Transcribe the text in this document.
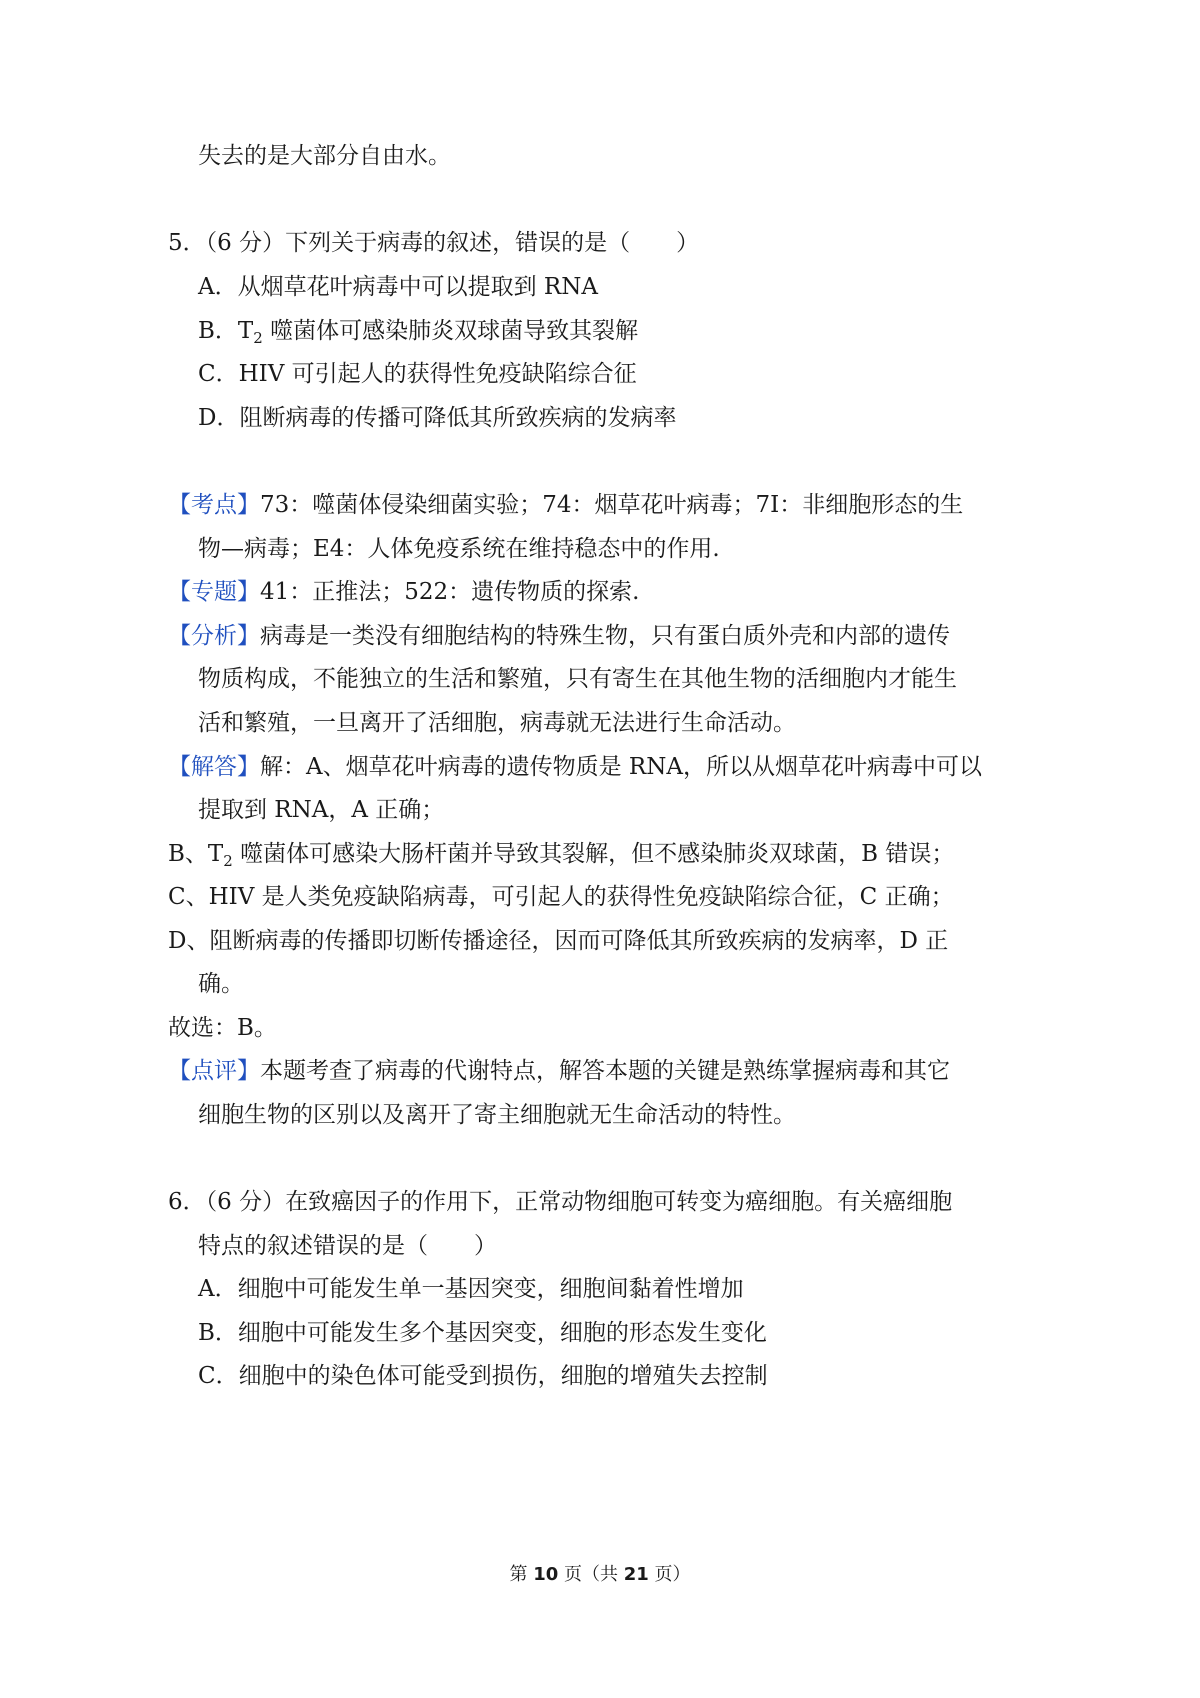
失去的是大部分自由水。
5．（6 分）下列关于病毒的叙述，错误的是（　　）
A．从烟草花叶病毒中可以提取到 RNA
B．$T_2$ 噬菌体可感染肺炎双球菌导致其裂解
C．HIV 可引起人的获得性免疫缺陷综合征
D．阻断病毒的传播可降低其所致疾病的发病率
【考点】73：噬菌体侵染细菌实验；74：烟草花叶病毒；7I：非细胞形态的生
物—病毒；E4：人体免疫系统在维持稳态中的作用.
【专题】41：正推法；522：遗传物质的探索.
【分析】病毒是一类没有细胞结构的特殊生物，只有蛋白质外壳和内部的遗传
物质构成，不能独立的生活和繁殖，只有寄生在其他生物的活细胞内才能生
活和繁殖，一旦离开了活细胞，病毒就无法进行生命活动。
【解答】解：A、烟草花叶病毒的遗传物质是 RNA，所以从烟草花叶病毒中可以
提取到 RNA，A 正确；
B、$T_2$ 噬菌体可感染大肠杆菌并导致其裂解，但不感染肺炎双球菌，B 错误；
C、HIV 是人类免疫缺陷病毒，可引起人的获得性免疫缺陷综合征，C 正确；
D、阻断病毒的传播即切断传播途径，因而可降低其所致疾病的发病率，D 正
确。
故选：B。
【点评】本题考查了病毒的代谢特点，解答本题的关键是熟练掌握病毒和其它
细胞生物的区别以及离开了寄主细胞就无生命活动的特性。
6．（6 分）在致癌因子的作用下，正常动物细胞可转变为癌细胞。有关癌细胞
特点的叙述错误的是（　　）
A．细胞中可能发生单一基因突变，细胞间黏着性增加
B．细胞中可能发生多个基因突变，细胞的形态发生变化
C．细胞中的染色体可能受到损伤，细胞的增殖失去控制
第 10 页（共 21 页）
